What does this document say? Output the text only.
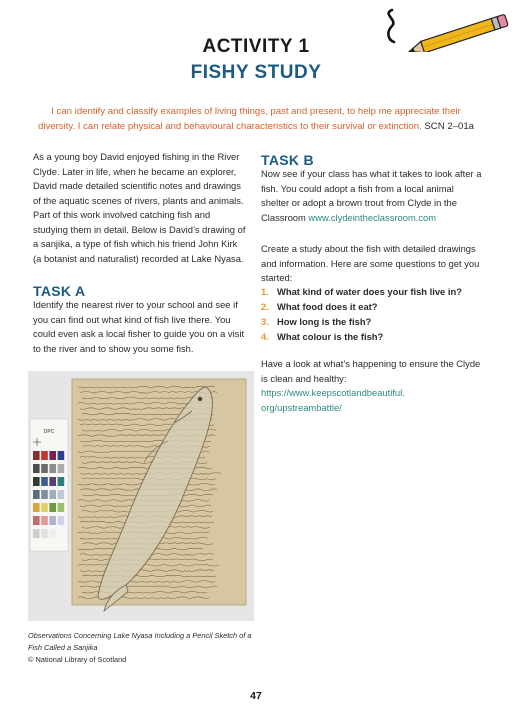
ACTIVITY 1
FISHY STUDY
I can identify and classify examples of living things, past and present, to help me appreciate their diversity. I can relate physical and behavioural characteristics to their survival or extinction. SCN 2–01a
As a young boy David enjoyed fishing in the River Clyde. Later in life, when he became an explorer, David made detailed scientific notes and drawings of the aquatic scenes of rivers, plants and animals. Part of this work involved catching fish and studying them in detail. Below is David’s drawing of a sanjika, a type of fish which his friend John Kirk (a botanist and naturalist) recorded at Lake Nyasa.
TASK A
Identify the nearest river to your school and see if you can find out what kind of fish live there. You could even ask a local fisher to guide you on a visit to the river and to show you some fish.
TASK B
Now see if your class has what it takes to look after a fish. You could adopt a fish from a local animal shelter or adopt a brown trout from Clyde in the Classroom www.clydeintheclassroom.com
Create a study about the fish with detailed drawings and information. Here are some questions to get you started:
1. What kind of water does your fish live in?
2. What food does it eat?
3. How long is the fish?
4. What colour is the fish?
Have a look at what’s happening to ensure the Clyde is clean and healthy: https://www.keepscotlandbeautiful.
org/upstreambattle/
DPC
Observations Concerning Lake Nyasa Including a Pencil Sketch of a Fish Called a Sanjika
© National Library of Scotland
47
